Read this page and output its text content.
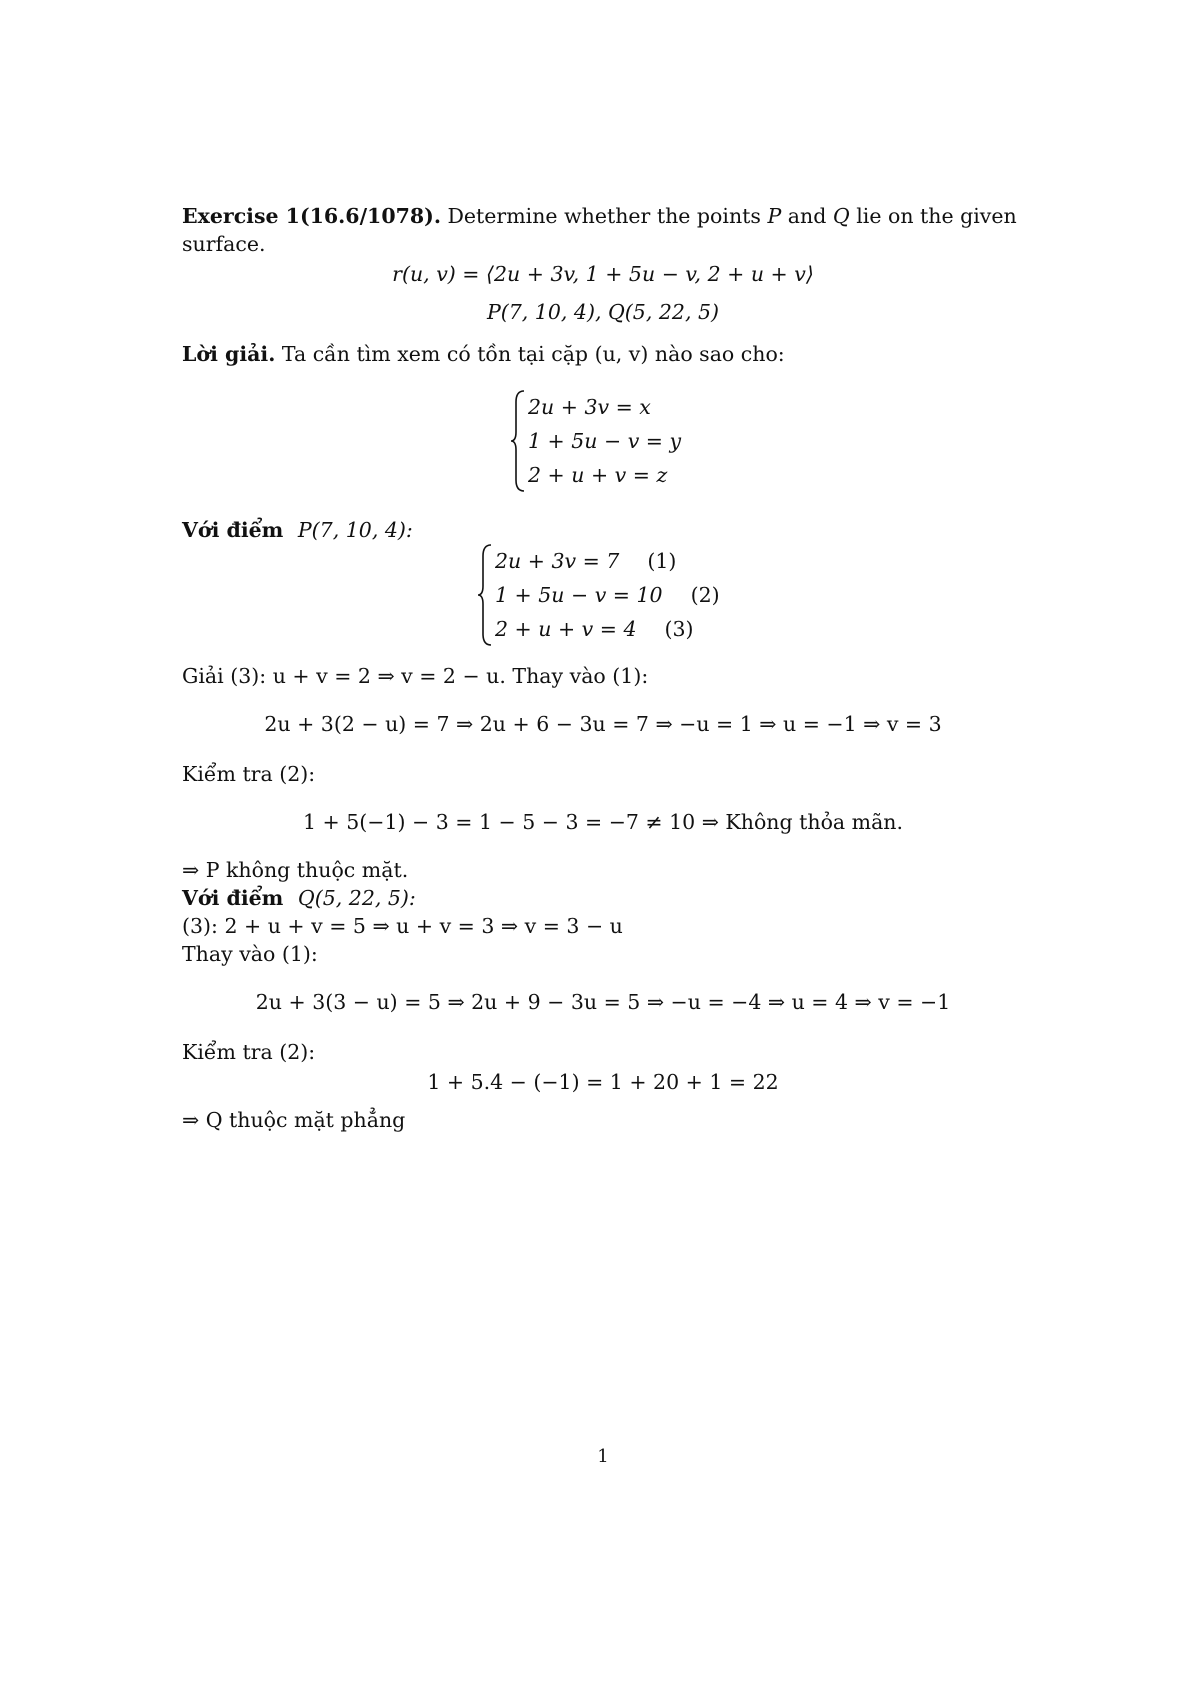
Exercise 1(16.6/1078). Determine whether the points P and Q lie on the given
surface.
r(u, v) = ⟨2u + 3v, 1 + 5u − v, 2 + u + v⟩
P(7, 10, 4), Q(5, 22, 5)
Lời giải. Ta cần tìm xem có tồn tại cặp (u, v) nào sao cho:
2u + 3v = x
1 + 5u − v = y
2 + u + v = z
Với điểm P(7, 10, 4):
2u + 3v = 7 (1)
1 + 5u − v = 10 (2)
2 + u + v = 4 (3)
Giải (3): u + v = 2 ⇒ v = 2 − u. Thay vào (1):
2u + 3(2 − u) = 7 ⇒ 2u + 6 − 3u = 7 ⇒ −u = 1 ⇒ u = −1 ⇒ v = 3
Kiểm tra (2):
1 + 5(−1) − 3 = 1 − 5 − 3 = −7 ≠ 10 ⇒ Không thỏa mãn.
⇒ P không thuộc mặt.
Với điểm Q(5, 22, 5):
(3): 2 + u + v = 5 ⇒ u + v = 3 ⇒ v = 3 − u
Thay vào (1):
2u + 3(3 − u) = 5 ⇒ 2u + 9 − 3u = 5 ⇒ −u = −4 ⇒ u = 4 ⇒ v = −1
Kiểm tra (2):
1 + 5.4 − (−1) = 1 + 20 + 1 = 22
⇒ Q thuộc mặt phẳng
1
